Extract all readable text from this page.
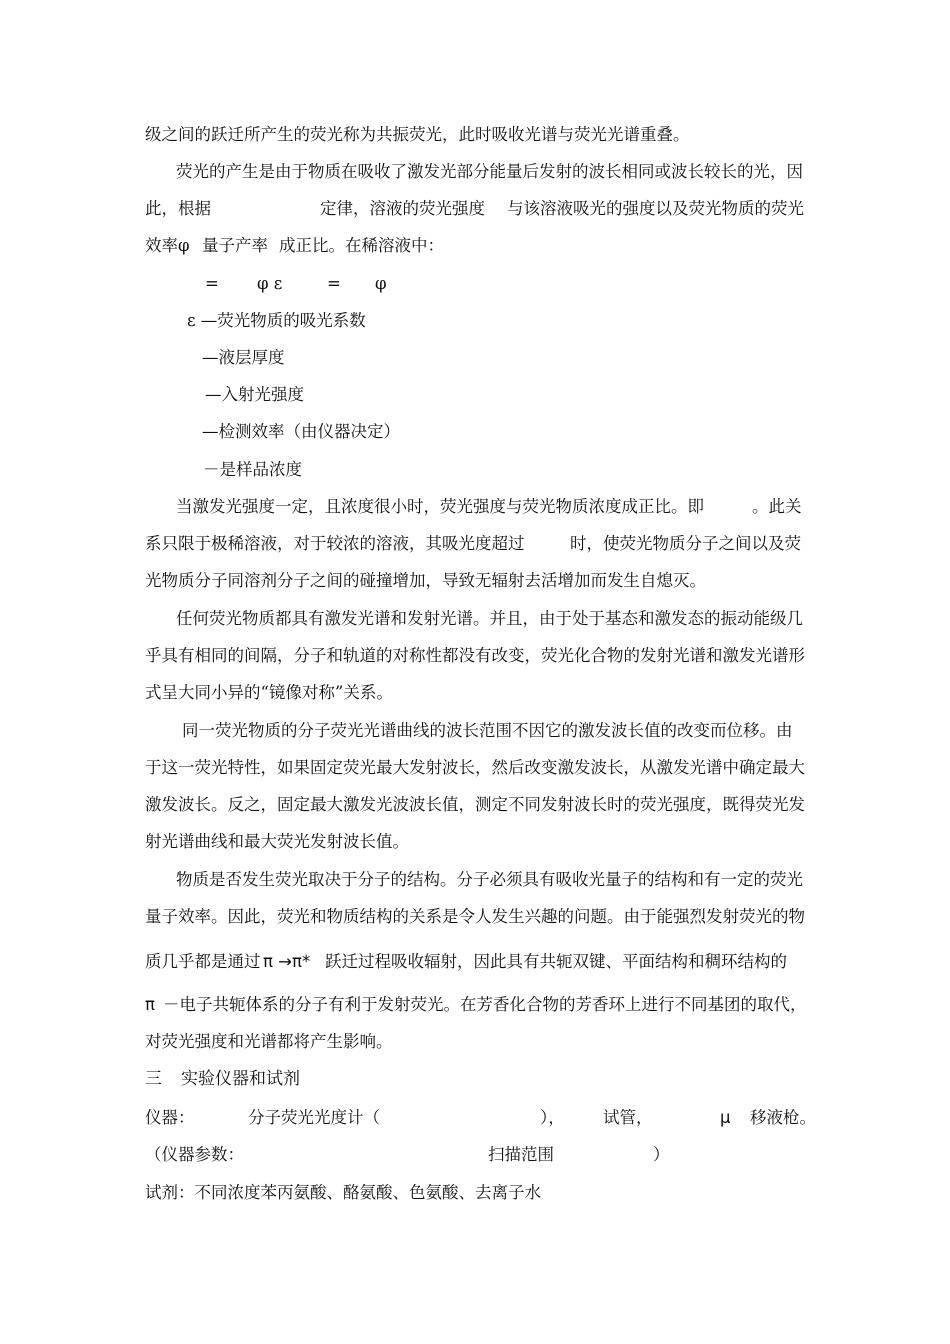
级之间的跃迁所产生的荧光称为共振荧光，此时吸收光谱与荧光光谱重叠。
荧光的产生是由于物质在吸收了激发光部分能量后发射的波长相同或波长较长的光，因
此，根据	定律，溶液的荧光强度 与该溶液吸光的强度以及荧光物质的荧光
效率φ 量子产率 成正比。在稀溶液中：
= φ ε	= φ
ε —荧光物质的吸光系数
—液层厚度
—入射光强度
—检测效率（由仪器决定）
－是样品浓度
当激发光强度一定，且浓度很小时，荧光强度与荧光物质浓度成正比。即	。此关
系只限于极稀溶液，对于较浓的溶液，其吸光度超过	时，使荧光物质分子之间以及荧
光物质分子同溶剂分子之间的碰撞增加，导致无辐射去活增加而发生自熄灭。
任何荧光物质都具有激发光谱和发射光谱。并且，由于处于基态和激发态的振动能级几
乎具有相同的间隔，分子和轨道的对称性都没有改变，荧光化合物的发射光谱和激发光谱形
式呈大同小异的“镜像对称”关系。
同一荧光物质的分子荧光光谱曲线的波长范围不因它的激发波长值的改变而位移。由
于这一荧光特性，如果固定荧光最大发射波长，然后改变激发波长，从激发光谱中确定最大
激发波长。反之，固定最大激发光波波长值，测定不同发射波长时的荧光强度，既得荧光发
射光谱曲线和最大荧光发射波长值。
物质是否发生荧光取决于分子的结构。分子必须具有吸收光量子的结构和有一定的荧光
量子效率。因此，荧光和物质结构的关系是令人发生兴趣的问题。由于能强烈发射荧光的物
质几乎都是通过 π →π* 跃迁过程吸收辐射，因此具有共轭双键、平面结构和稠环结构的
π －电子共轭体系的分子有利于发射荧光。在芳香化合物的芳香环上进行不同基团的取代，
对荧光强度和光谱都将产生影响。
三 实验仪器和试剂
仪器：	分子荧光光度计（	）， 试管，	μ 移液枪。
（仪器参数：	扫描范围	）
试剂：不同浓度苯丙氨酸、酪氨酸、色氨酸、去离子水
